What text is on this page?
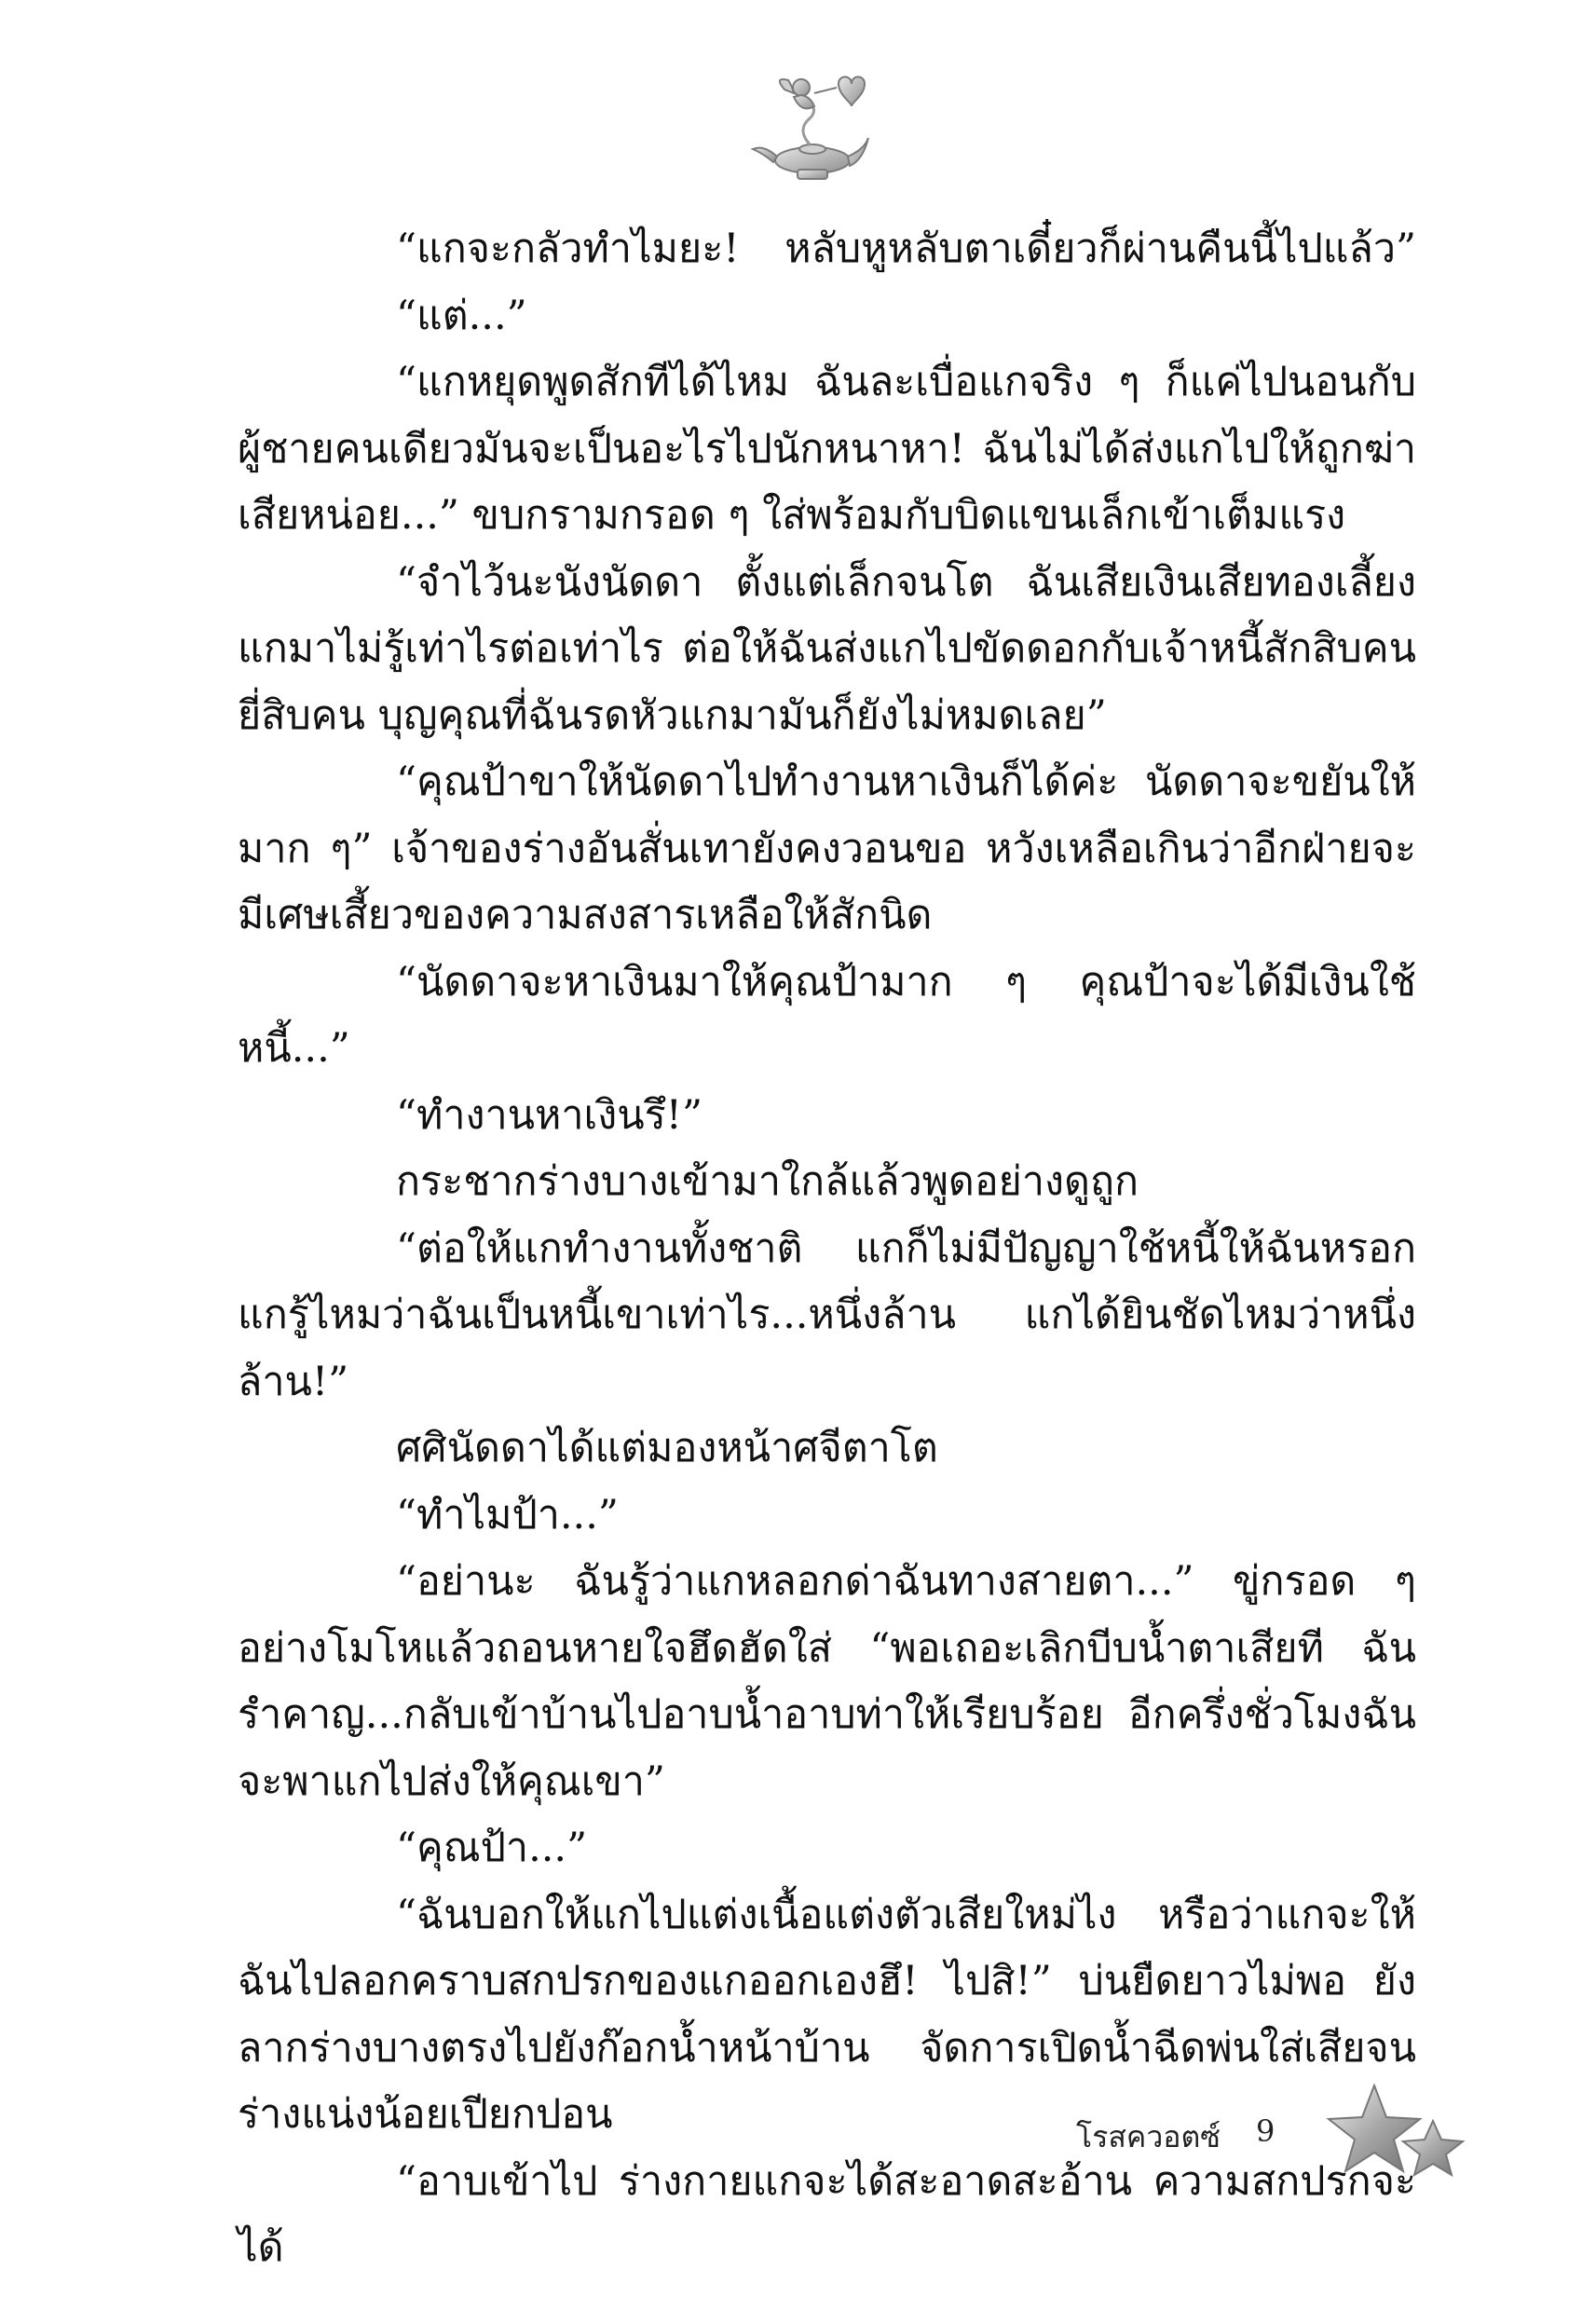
“แกจะกลัวทำไมยะ! หลับหูหลับตาเดี๋ยวก็ผ่านคืนนี้ไปแล้ว”

“แต่...”

“แกหยุดพูดสักทีได้ไหม ฉันละเบื่อแกจริง ๆ ก็แค่ไปนอนกับผู้ชายคนเดียวมันจะเป็นอะไรไปนักหนาหา! ฉันไม่ได้ส่งแกไปให้ถูกฆ่าเสียหน่อย...” ขบกรามกรอด ๆ ใส่พร้อมกับบิดแขนเล็กเข้าเต็มแรง

“จำไว้นะนังนัดดา ตั้งแต่เล็กจนโต ฉันเสียเงินเสียทองเลี้ยงแกมาไม่รู้เท่าไรต่อเท่าไร ต่อให้ฉันส่งแกไปขัดดอกกับเจ้าหนี้สักสิบคนยี่สิบคน บุญคุณที่ฉันรดหัวแกมามันก็ยังไม่หมดเลย”

“คุณป้าขาให้นัดดาไปทำงานหาเงินก็ได้ค่ะ นัดดาจะขยันให้มาก ๆ” เจ้าของร่างอันสั่นเทายังคงวอนขอ หวังเหลือเกินว่าอีกฝ่ายจะมีเศษเสี้ยวของความสงสารเหลือให้สักนิด

“นัดดาจะหาเงินมาให้คุณป้ามาก ๆ คุณป้าจะได้มีเงินใช้หนี้...”

“ทำงานหาเงินรึ!”

กระชากร่างบางเข้ามาใกล้แล้วพูดอย่างดูถูก

“ต่อให้แกทำงานทั้งชาติ แกก็ไม่มีปัญญาใช้หนี้ให้ฉันหรอก แกรู้ไหมว่าฉันเป็นหนี้เขาเท่าไร...หนึ่งล้าน แกได้ยินชัดไหมว่าหนึ่งล้าน!”

ศศินัดดาได้แต่มองหน้าศจีตาโต

“ทำไมป้า...”

“อย่านะ ฉันรู้ว่าแกหลอกด่าฉันทางสายตา...” ขู่กรอด ๆ อย่างโมโหแล้วถอนหายใจฮึดฮัดใส่ “พอเถอะเลิกบีบน้ำตาเสียที ฉันรำคาญ...กลับเข้าบ้านไปอาบน้ำอาบท่าให้เรียบร้อย อีกครึ่งชั่วโมงฉันจะพาแกไปส่งให้คุณเขา”

“คุณป้า...”

“ฉันบอกให้แกไปแต่งเนื้อแต่งตัวเสียใหม่ไง หรือว่าแกจะให้ฉันไปลอกคราบสกปรกของแกออกเองฮึ! ไปสิ!” บ่นยืดยาวไม่พอ ยังลากร่างบางตรงไปยังก๊อกน้ำหน้าบ้าน จัดการเปิดน้ำฉีดพ่นใส่เสียจนร่างแน่งน้อยเปียกปอน

“อาบเข้าไป ร่างกายแกจะได้สะอาดสะอ้าน ความสกปรกจะได้

โรสควอตซ์ 9
